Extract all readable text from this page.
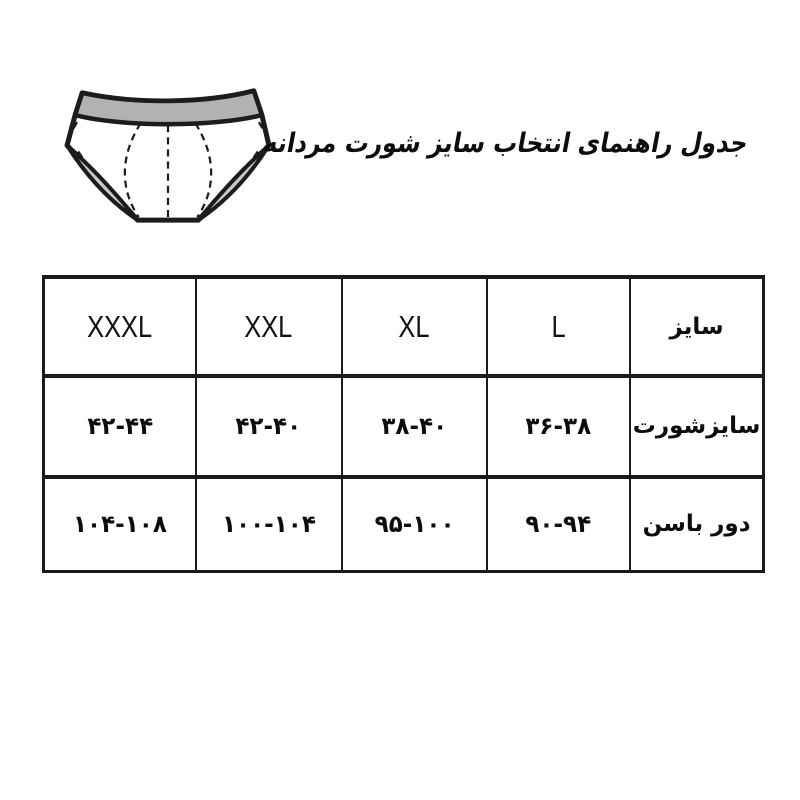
جدول راهنمای انتخاب سایز شورت مردانه
XXXL	XXL	XL	L	سایز
۴۲-۴۴	۴۲-۴۰	۳۸-۴۰	۳۶-۳۸ سایزشورت
۱۰۴-۱۰۸ ۱۰۰-۱۰۴ ۹۵-۱۰۰	۹۰-۹۴ دور باسن
